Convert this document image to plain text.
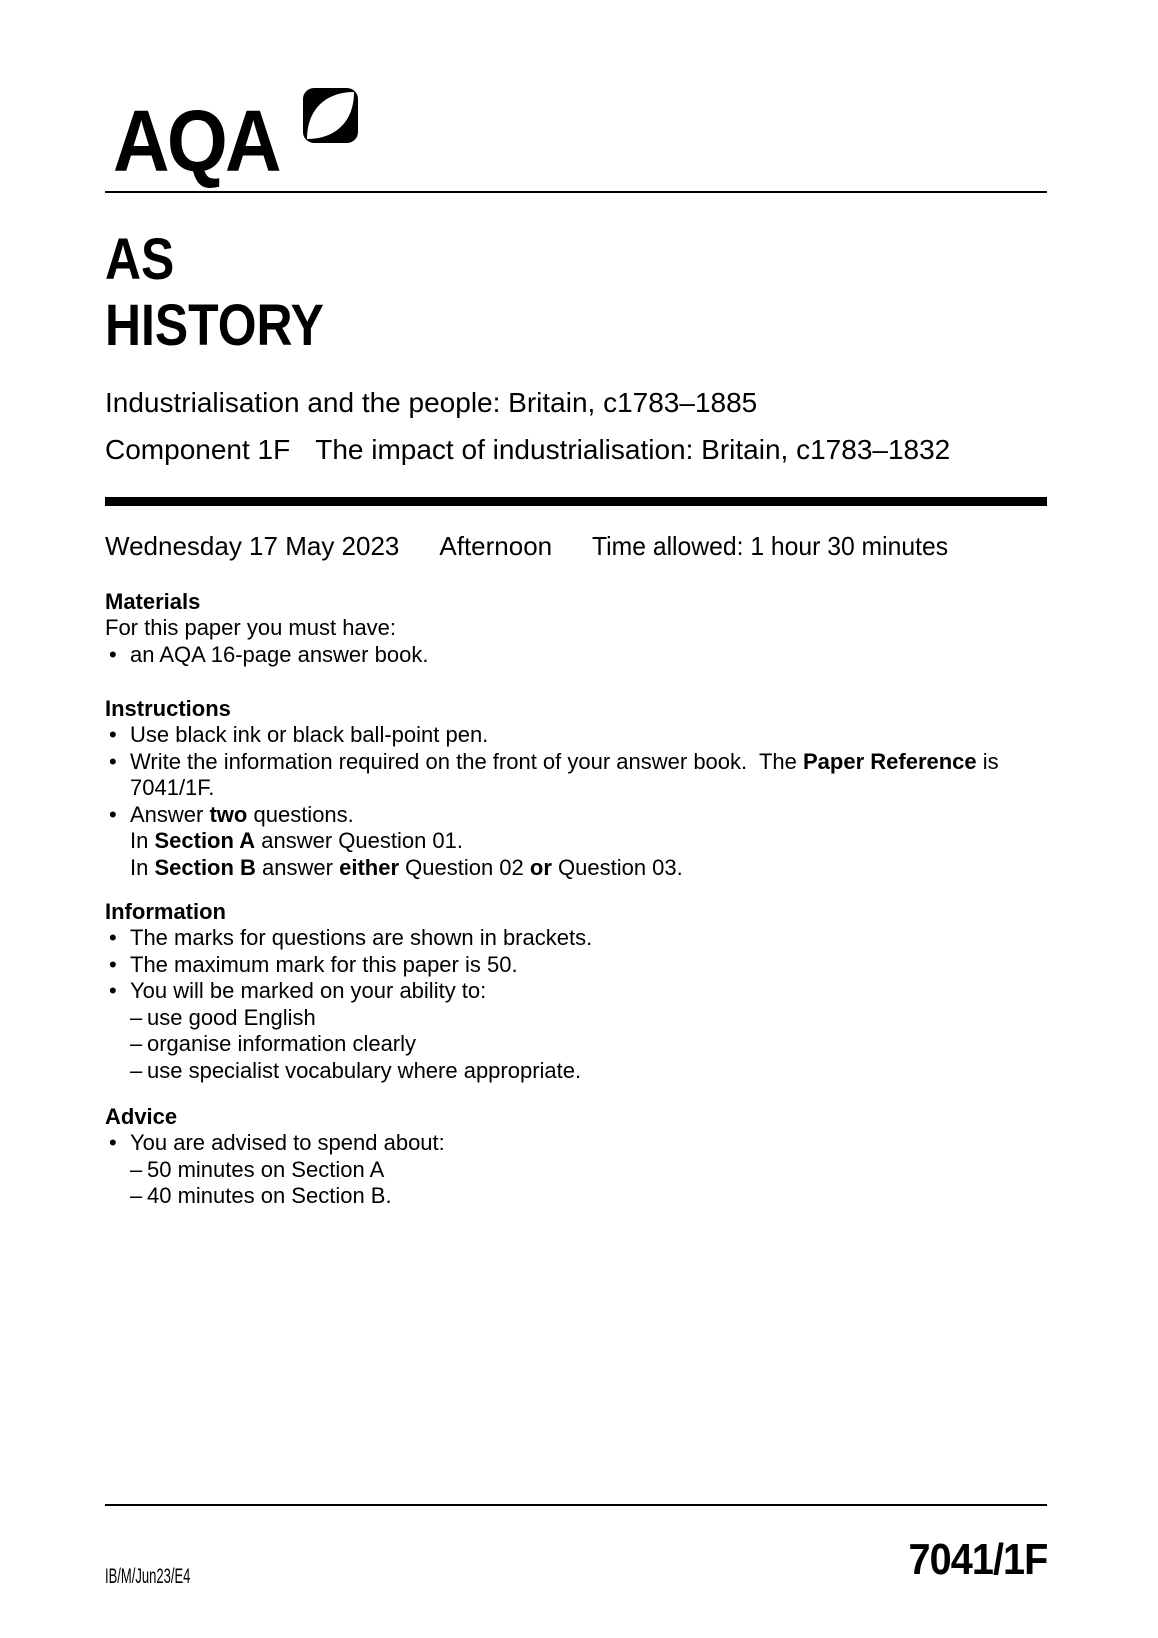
AQA
AS
HISTORY
Industrialisation and the people: Britain, c1783–1885
Component 1F The impact of industrialisation: Britain, c1783–1832
Wednesday 17 May 2023 Afternoon Time allowed: 1 hour 30 minutes
Materials
For this paper you must have:
• an AQA 16-page answer book.
Instructions
• Use black ink or black ball-point pen.
• Write the information required on the front of your answer book.  The Paper Reference is
7041/1F.
• Answer two questions.
In Section A answer Question 01.
In Section B answer either Question 02 or Question 03.
Information
• The marks for questions are shown in brackets.
• The maximum mark for this paper is 50.
• You will be marked on your ability to:
– use good English
– organise information clearly
– use specialist vocabulary where appropriate.
Advice
• You are advised to spend about:
– 50 minutes on Section A
– 40 minutes on Section B.
IB/M/Jun23/E4	7041/1F
